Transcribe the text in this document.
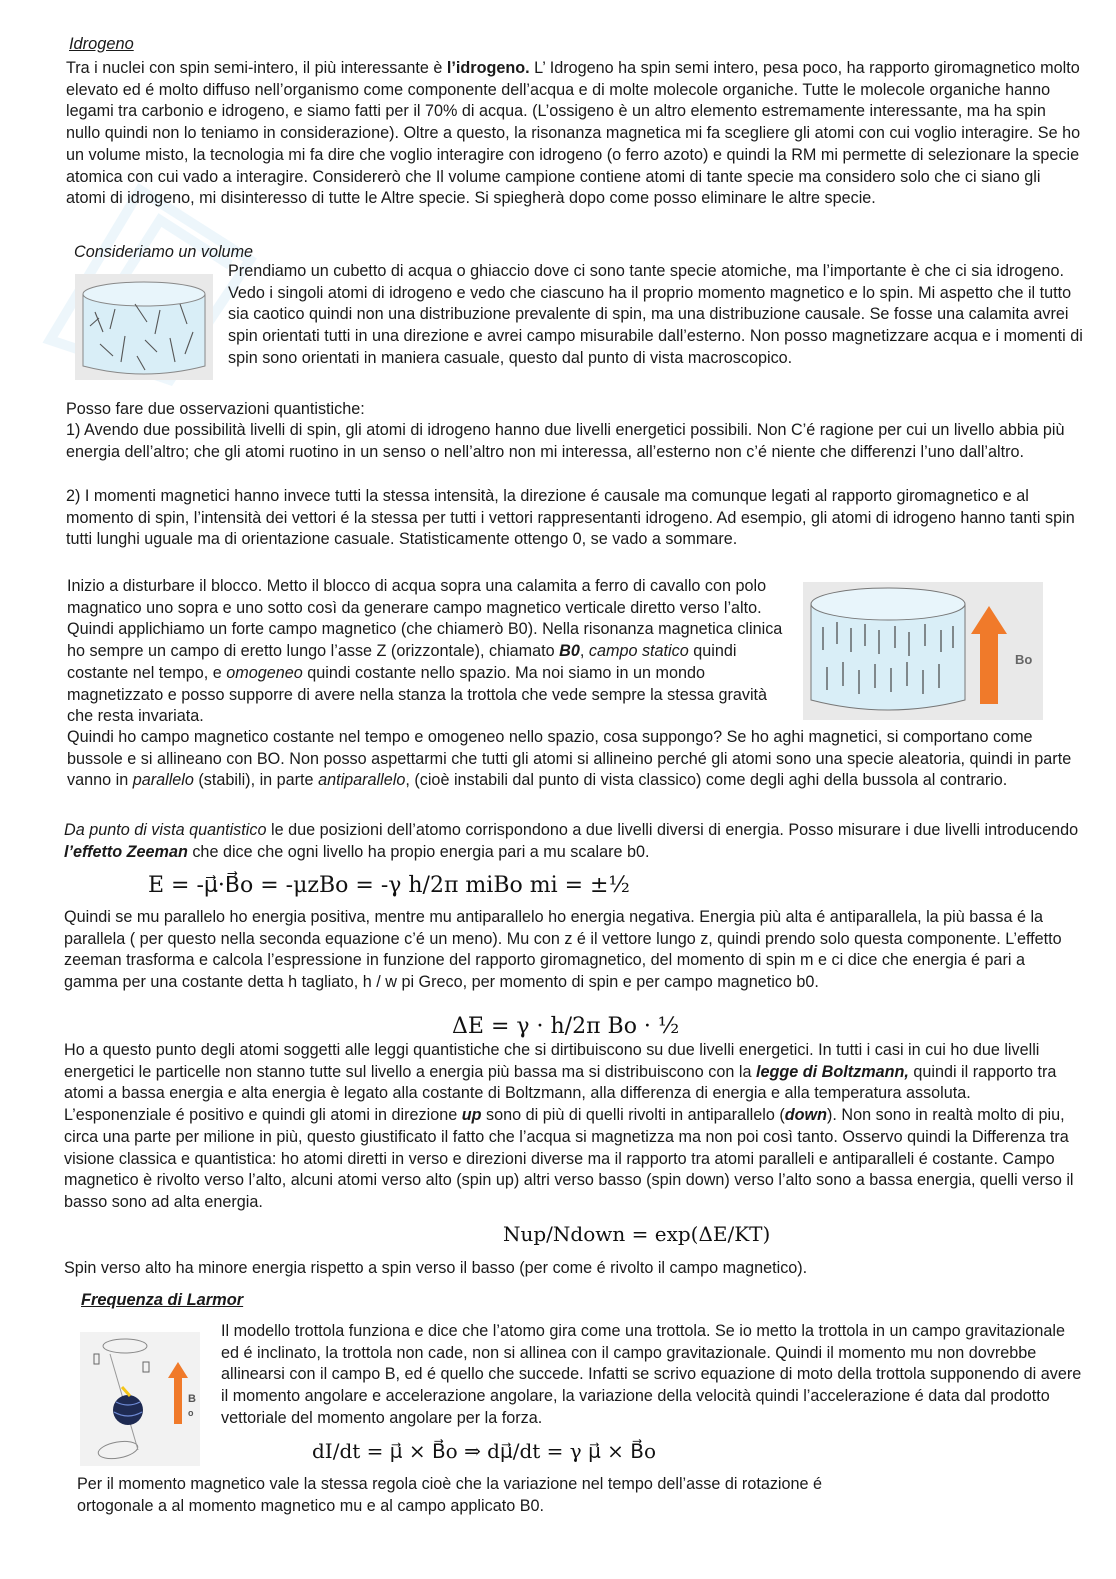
Idrogeno

Tra i nuclei con spin semi-intero, il più interessante è l’idrogeno. L’ Idrogeno ha spin semi intero, pesa poco, ha rapporto giromagnetico molto elevato ed é molto diffuso nell’organismo come componente dell’acqua e di molte molecole organiche. Tutte le molecole organiche hanno legami tra carbonio e idrogeno, e siamo fatti per il 70% di acqua. (L’ossigeno è un altro elemento estremamente interessante, ma ha spin nullo quindi non lo teniamo in considerazione). Oltre a questo, la risonanza magnetica mi fa scegliere gli atomi con cui voglio interagire. Se ho un volume misto, la tecnologia mi fa dire che voglio interagire con idrogeno (o ferro azoto) e quindi la RM mi permette di selezionare la specie atomica con cui vado a interagire. Considererò che Il volume campione contiene atomi di tante specie ma considero solo che ci siano gli atomi di idrogeno, mi disinteresso di tutte le Altre specie. Si spiegherà dopo come posso eliminare le altre specie.

Consideriamo un volume

Prendiamo un cubetto di acqua o ghiaccio dove ci sono tante specie atomiche, ma l’importante è che ci sia idrogeno. Vedo i singoli atomi di idrogeno e vedo che ciascuno ha il proprio momento magnetico e lo spin. Mi aspetto che il tutto sia caotico quindi non una distribuzione prevalente di spin, ma una distribuzione causale. Se fosse una calamita avrei spin orientati tutti in una direzione e avrei campo misurabile dall’esterno. Non posso magnetizzare acqua e i momenti di spin sono orientati in maniera casuale, questo dal punto di vista macroscopico.

Posso fare due osservazioni quantistiche:

1) Avendo due possibilità livelli di spin, gli atomi di idrogeno hanno due livelli energetici possibili. Non C’é ragione per cui un livello abbia più energia dell’altro; che gli atomi ruotino in un senso o nell’altro non mi interessa, all’esterno non c’é niente che differenzi l’uno dall’altro.

2) I momenti magnetici hanno invece tutti la stessa intensità, la direzione é causale ma comunque legati al rapporto giromagnetico e al momento di spin, l’intensità dei vettori é la stessa per tutti i vettori rappresentanti idrogeno. Ad esempio, gli atomi di idrogeno hanno tanti spin tutti lunghi uguale ma di orientazione casuale. Statisticamente ottengo 0, se vado a sommare.

Inizio a disturbare il blocco. Metto il blocco di acqua sopra una calamita a ferro di cavallo con polo magnatico uno sopra e uno sotto così da generare campo magnetico verticale diretto verso l’alto. Quindi applichiamo un forte campo magnetico (che chiamerò B0). Nella risonanza magnetica clinica ho sempre un campo di eretto lungo l’asse Z (orizzontale), chiamato B0, campo statico quindi costante nel tempo, e omogeneo quindi costante nello spazio. Ma noi siamo in un mondo magnetizzato e posso supporre di avere nella stanza la trottola che vede sempre la stessa gravità che resta invariata.

Bo

Quindi ho campo magnetico costante nel tempo e omogeneo nello spazio, cosa suppongo? Se ho aghi magnetici, si comportano come bussole e si allineano con BO. Non posso aspettarmi che tutti gli atomi si allineino perché gli atomi sono una specie aleatoria, quindi in parte vanno in parallelo (stabili), in parte antiparallelo, (cioè instabili dal punto di vista classico) come degli aghi della bussola al contrario.

Da punto di vista quantistico le due posizioni dell’atomo corrispondono a due livelli diversi di energia. Posso misurare i due livelli introducendo l’effetto Zeeman che dice che ogni livello ha propio energia pari a mu scalare b0.

E = -μ⃗·B⃗o = -μzBo = -γ h/2π miBo mi = ±½

Quindi se mu parallelo ho energia positiva, mentre mu antiparallelo ho energia negativa. Energia più alta é antiparallela, la più bassa é la parallela ( per questo nella seconda equazione c’é un meno). Mu con z é il vettore lungo z, quindi prendo solo questa componente. L’effetto zeeman trasforma e calcola l’espressione in funzione del rapporto giromagnetico, del momento di spin m e ci dice che energia é pari a gamma per una costante detta h tagliato, h / w pi Greco, per momento di spin e per campo magnetico b0.

ΔE = γ · h/2π Bo · ½

Ho a questo punto degli atomi soggetti alle leggi quantistiche che si dirtibuiscono su due livelli energetici. In tutti i casi in cui ho due livelli energetici le particelle non stanno tutte sul livello a energia più bassa ma si distribuiscono con la legge di Boltzmann, quindi il rapporto tra atomi a bassa energia e alta energia è legato alla costante di Boltzmann, alla differenza di energia e alla temperatura assoluta. L’esponenziale é positivo e quindi gli atomi in direzione up sono di più di quelli rivolti in antiparallelo (down). Non sono in realtà molto di piu, circa una parte per milione in più, questo giustificato il fatto che l’acqua si magnetizza ma non poi così tanto. Osservo quindi la Differenza tra visione classica e quantistica: ho atomi diretti in verso e direzioni diverse ma il rapporto tra atomi paralleli e antiparalleli é costante. Campo magnetico è rivolto verso l’alto, alcuni atomi verso alto (spin up) altri verso basso (spin down) verso l’alto sono a bassa energia, quelli verso il basso sono ad alta energia.

Nup/Ndown = exp(ΔE/KT)

Spin verso alto ha minore energia rispetto a spin verso il basso (per come é rivolto il campo magnetico).

Frequenza di Larmor
B
o

Il modello trottola funziona e dice che l’atomo gira come una trottola. Se io metto la trottola in un campo gravitazionale ed é inclinato, la trottola non cade, non si allinea con il campo gravitazionale. Quindi il momento mu non dovrebbe allinearsi con il campo B, ed é quello che succede. Infatti se scrivo equazione di moto della trottola supponendo di avere il momento angolare e accelerazione angolare, la variazione della velocità quindi l’accelerazione é data dal prodotto vettoriale del momento angolare per la forza.

dI/dt = μ⃗ × B⃗o ⇒ dμ⃗/dt = γ μ⃗ × B⃗o

Per il momento magnetico vale la stessa regola cioè che la variazione nel tempo dell’asse di rotazione é ortogonale a al momento magnetico mu e al campo applicato B0.
